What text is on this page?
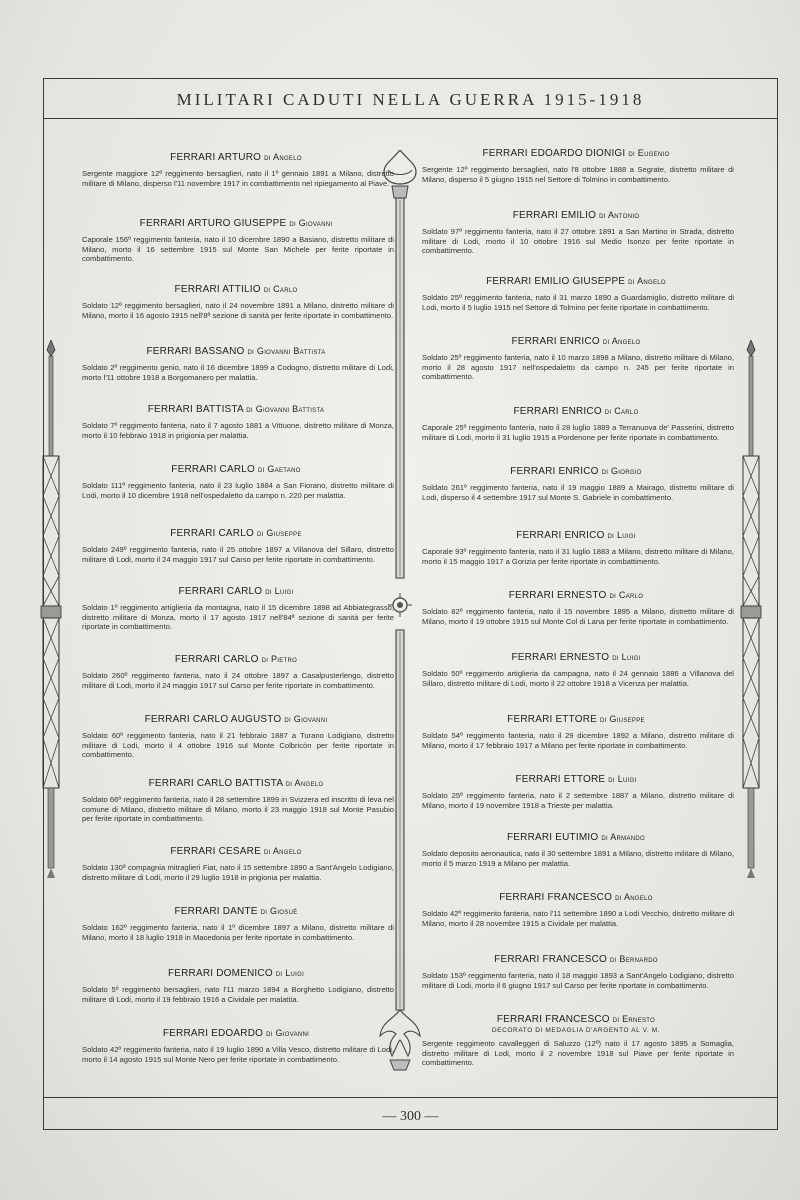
MILITARI CADUTI NELLA GUERRA 1915-1918
FERRARI ARTURO di Angelo
Sergente maggiore 12º reggimento bersaglieri, nato il 1º gennaio 1891 a Milano, distretto militare di Milano, disperso l'11 novembre 1917 in combattimento nel ripiegamento al Piave.
FERRARI ARTURO GIUSEPPE di Giovanni
Caporale 156º reggimento fanteria, nato il 10 dicembre 1890 a Basiano, distretto militare di Milano, morto il 16 settembre 1915 sul Monte San Michele per ferite riportate in combattimento.
FERRARI ATTILIO di Carlo
Soldato 12º reggimento bersaglieri, nato il 24 novembre 1891 a Milano, distretto militare di Milano, morto il 16 agosto 1915 nell'8ª sezione di sanità per ferite riportate in combattimento.
FERRARI BASSANO di Giovanni Battista
Soldato 2º reggimento genio, nato il 16 dicembre 1899 a Codogno, distretto militare di Lodi, morto l'11 ottobre 1918 a Borgomanero per malattia.
FERRARI BATTISTA di Giovanni Battista
Soldato 7º reggimento fanteria, nato il 7 agosto 1881 a Vittuone, distretto militare di Monza, morto il 10 febbraio 1918 in prigionia per malattia.
FERRARI CARLO di Gaetano
Soldato 111º reggimento fanteria, nato il 23 luglio 1884 a San Fiorano, distretto militare di Lodi, morto il 10 dicembre 1918 nell'ospedaletto da campo n. 220 per malattia.
FERRARI CARLO di Giuseppe
Soldato 249º reggimento fanteria, nato il 25 ottobre 1897 a Villanova del Sillaro, distretto militare di Lodi, morto il 24 maggio 1917 sul Carso per ferite riportate in combattimento.
FERRARI CARLO di Luigi
Soldato 1º reggimento artiglieria da montagna, nato il 15 dicembre 1898 ad Abbiategrasso, distretto militare di Monza, morto il 17 agosto 1917 nell'84ª sezione di sanità per ferite riportate in combattimento.
FERRARI CARLO di Pietro
Soldato 260º reggimento fanteria, nato il 24 ottobre 1897 a Casalpusterlengo, distretto militare di Lodi, morto il 24 maggio 1917 sul Carso per ferite riportate in combattimento.
FERRARI CARLO AUGUSTO di Giovanni
Soldato 60º reggimento fanteria, nato il 21 febbraio 1887 a Turano Lodigiano, distretto militare di Lodi, morto il 4 ottobre 1916 sul Monte Colbricòn per ferite riportate in combattimento.
FERRARI CARLO BATTISTA di Angelo
Soldato 66º reggimento fanteria, nato il 28 settembre 1899 in Svizzera ed inscritto di leva nel comune di Milano, distretto militare di Milano, morto il 23 maggio 1918 sul Monte Pasubio per ferite riportate in combattimento.
FERRARI CESARE di Angelo
Soldato 130ª compagnia mitraglieri Fiat, nato il 15 settembre 1890 a Sant'Angelo Lodigiano, distretto militare di Lodi, morto il 29 luglio 1918 in prigionia per malattia.
FERRARI DANTE di Giosuè
Soldato 162º reggimento fanteria, nato il 1º dicembre 1897 a Milano, distretto militare di Milano, morto il 18 luglio 1918 in Macedonia per ferite riportate in combattimento.
FERRARI DOMENICO di Luigi
Soldato 5º reggimento bersaglieri, nato l'11 marzo 1894 a Borghetto Lodigiano, distretto militare di Lodi, morto il 19 febbraio 1916 a Cividale per malattia.
FERRARI EDOARDO di Giovanni
Soldato 42º reggimento fanteria, nato il 19 luglio 1890 a Villa Vesco, distretto militare di Lodi, morto il 14 agosto 1915 sul Monte Nero per ferite riportate in combattimento.
FERRARI EDOARDO DIONIGI di Eugenio
Sergente 12º reggimento bersaglieri, nato l'8 ottobre 1888 a Segrate, distretto militare di Milano, disperso il 5 giugno 1915 nel Settore di Tolmino in combattimento.
FERRARI EMILIO di Antonio
Soldato 97º reggimento fanteria, nato il 27 ottobre 1891 a San Martino in Strada, distretto militare di Lodi, morto il 10 ottobre 1916 sul Medio Isonzo per ferite riportate in combattimento.
FERRARI EMILIO GIUSEPPE di Angelo
Soldato 25º reggimento fanteria, nato il 31 marzo 1890 a Guardamiglio, distretto militare di Lodi, morto il 5 luglio 1915 nel Settore di Tolmino per ferite riportate in combattimento.
FERRARI ENRICO di Angelo
Soldato 25º reggimento fanteria, nato il 10 marzo 1898 a Milano, distretto militare di Milano, morto il 28 agosto 1917 nell'ospedaletto da campo n. 245 per ferite riportate in combattimento.
FERRARI ENRICO di Carlo
Caporale 25º reggimento fanteria, nato il 28 luglio 1889 a Terranuova de' Passerini, distretto militare di Lodi, morto il 31 luglio 1915 a Pordenone per ferite riportate in combattimento.
FERRARI ENRICO di Giorgio
Soldato 261º reggimento fanteria, nato il 19 maggio 1889 a Mairago, distretto militare di Lodi, disperso il 4 settembre 1917 sul Monte S. Gabriele in combattimento.
FERRARI ENRICO di Luigi
Caporale 93º reggimento fanteria, nato il 31 luglio 1883 a Milano, distretto militare di Milano, morto il 15 maggio 1917 a Gorizia per ferite riportate in combattimento.
FERRARI ERNESTO di Carlo
Soldato 82º reggimento fanteria, nato il 15 novembre 1895 a Milano, distretto militare di Milano, morto il 19 ottobre 1915 sul Monte Col di Lana per ferite riportate in combattimento.
FERRARI ERNESTO di Luigi
Soldato 50º reggimento artiglieria da campagna, nato il 24 gennaio 1886 a Villanova del Sillaro, distretto militare di Lodi, morto il 22 ottobre 1918 a Vicenza per malattia.
FERRARI ETTORE di Giuseppe
Soldato 54º reggimento fanteria, nato il 29 dicembre 1892 a Milano, distretto militare di Milano, morto il 17 febbraio 1917 a Milano per ferite riportate in combattimento.
FERRARI ETTORE di Luigi
Soldato 25º reggimento fanteria, nato il 2 settembre 1887 a Milano, distretto militare di Milano, morto il 19 novembre 1918 a Trieste per malattia.
FERRARI EUTIMIO di Armando
Soldato deposito aeronautica, nato il 30 settembre 1891 a Milano, distretto militare di Milano, morto il 5 marzo 1919 a Milano per malattia.
FERRARI FRANCESCO di Angelo
Soldato 42º reggimento fanteria, nato l'11 settembre 1890 a Lodi Vecchio, distretto militare di Milano, morto il 28 novembre 1915 a Cividale per malattia.
FERRARI FRANCESCO di Bernardo
Soldato 153º reggimento fanteria, nato il 18 maggio 1893 a Sant'Angelo Lodigiano, distretto militare di Lodi, morto il 6 giugno 1917 sul Carso per ferite riportate in combattimento.
FERRARI FRANCESCO di Ernesto
DECORATO DI MEDAGLIA D'ARGENTO AL V. M.
Sergente reggimento cavalleggeri di Saluzzo (12º) nato il 17 agosto 1895 a Somaglia, distretto militare di Lodi, morto il 2 novembre 1918 sul Piave per ferite riportate in combattimento.
— 300 —
